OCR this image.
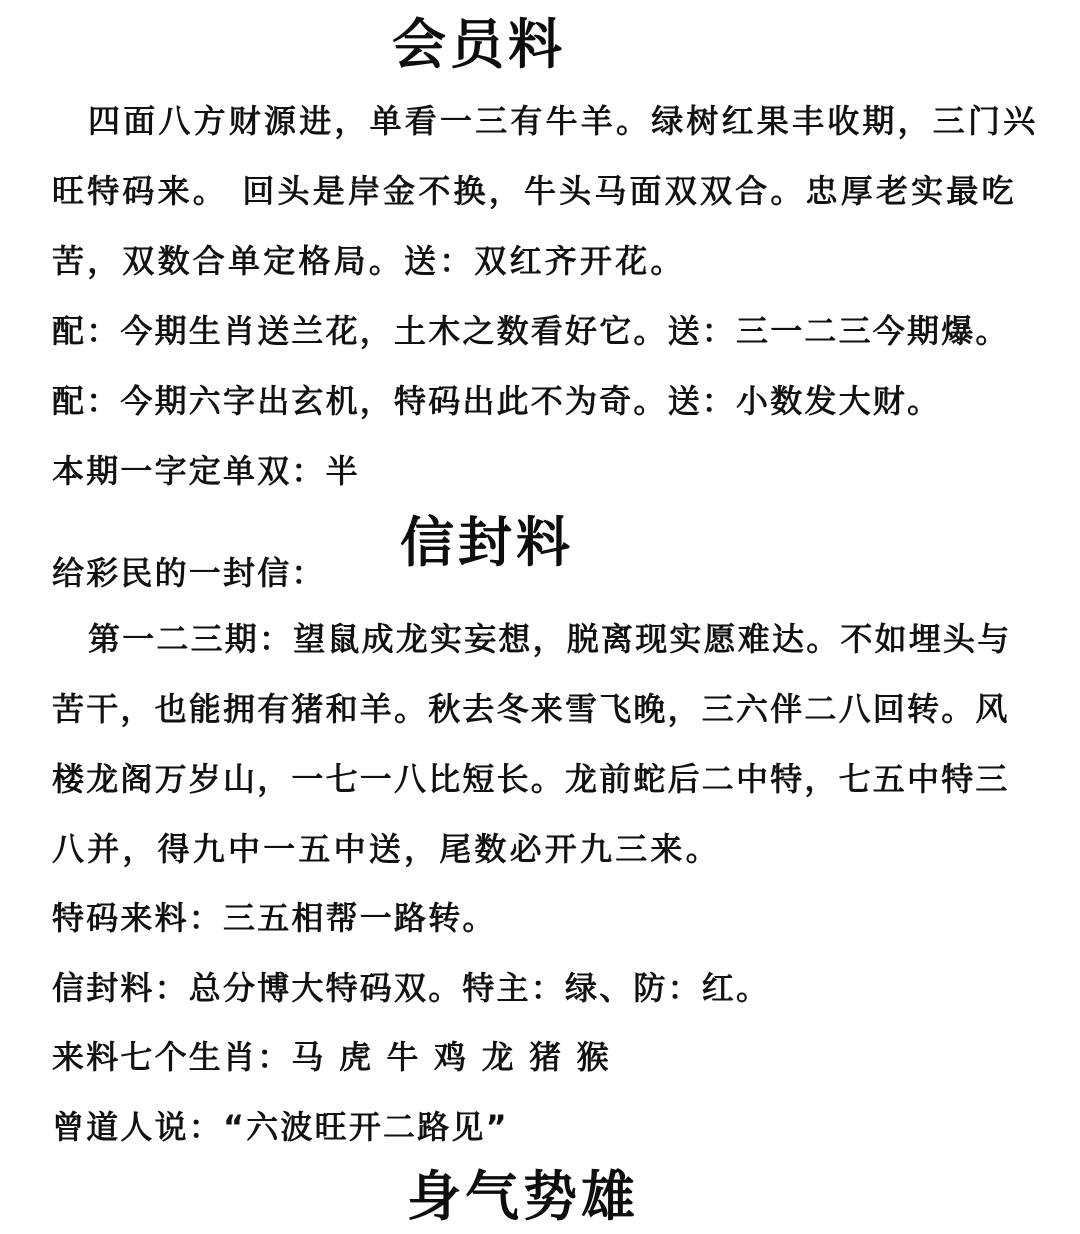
会员料
四面八方财源进，单看一三有牛羊。绿树红果丰收期，三门兴
旺特码来。 回头是岸金不换，牛头马面双双合。忠厚老实最吃
苦，双数合单定格局。送：双红齐开花。
配：今期生肖送兰花，土木之数看好它。送：三一二三今期爆。
配：今期六字出玄机，特码出此不为奇。送：小数发大财。
本期一字定单双：半
信封料
给彩民的一封信：
第一二三期：望鼠成龙实妄想，脱离现实愿难达。不如埋头与
苦干，也能拥有猪和羊。秋去冬来雪飞晚，三六伴二八回转。风
楼龙阁万岁山，一七一八比短长。龙前蛇后二中特，七五中特三
八并，得九中一五中送，尾数必开九三来。
特码来料：三五相帮一路转。
信封料：总分博大特码双。特主：绿、防：红。
来料七个生肖：马 虎 牛 鸡 龙 猪 猴
曾道人说：“六波旺开二路见”
身气势雄
